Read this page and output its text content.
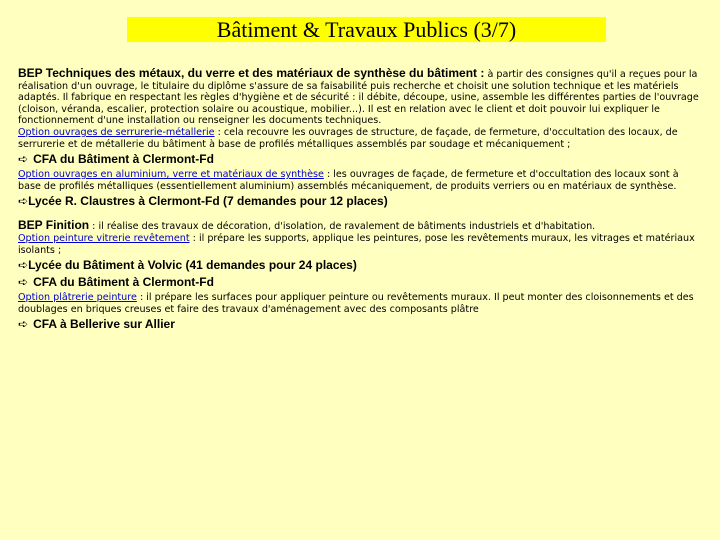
Bâtiment & Travaux Publics (3/7)

BEP Techniques des métaux, du verre et des matériaux de synthèse du bâtiment : à partir des consignes qu'il a reçues pour la réalisation d'un ouvrage, le titulaire du diplôme s'assure de sa faisabilité puis recherche et choisit une solution technique et les matériels adaptés. Il fabrique en respectant les règles d'hygiène et de sécurité : il débite, découpe, usine, assemble les différentes parties de l'ouvrage (cloison, véranda, escalier, protection solaire ou acoustique, mobilier...). Il est en relation avec le client et doit pouvoir lui expliquer le fonctionnement d'une installation ou renseigner les documents techniques.

Option ouvrages de serrurerie-métallerie : cela recouvre les ouvrages de structure, de façade, de fermeture, d'occultation des locaux, de serrurerie et de métallerie du bâtiment à base de profilés métalliques assemblés par soudage et mécaniquement ;

➪ CFA du Bâtiment à Clermont-Fd

Option ouvrages en aluminium, verre et matériaux de synthèse : les ouvrages de façade, de fermeture et d'occultation des locaux sont à base de profilés métalliques (essentiellement aluminium) assemblés mécaniquement, de produits verriers ou en matériaux de synthèse.

➪Lycée R. Claustres à Clermont-Fd (7 demandes pour 12 places)

BEP Finition : il réalise des travaux de décoration, d'isolation, de ravalement de bâtiments industriels et d'habitation.

Option peinture vitrerie revêtement : il prépare les supports, applique les peintures, pose les revêtements muraux, les vitrages et matériaux isolants ;

➪Lycée du Bâtiment à Volvic (41 demandes pour 24 places)
➪ CFA du Bâtiment à Clermont-Fd

Option plâtrerie peinture : il prépare les surfaces pour appliquer peinture ou revêtements muraux. Il peut monter des cloisonnements et des doublages en briques creuses et faire des travaux d'aménagement avec des composants plâtre

➪ CFA à Bellerive sur Allier
